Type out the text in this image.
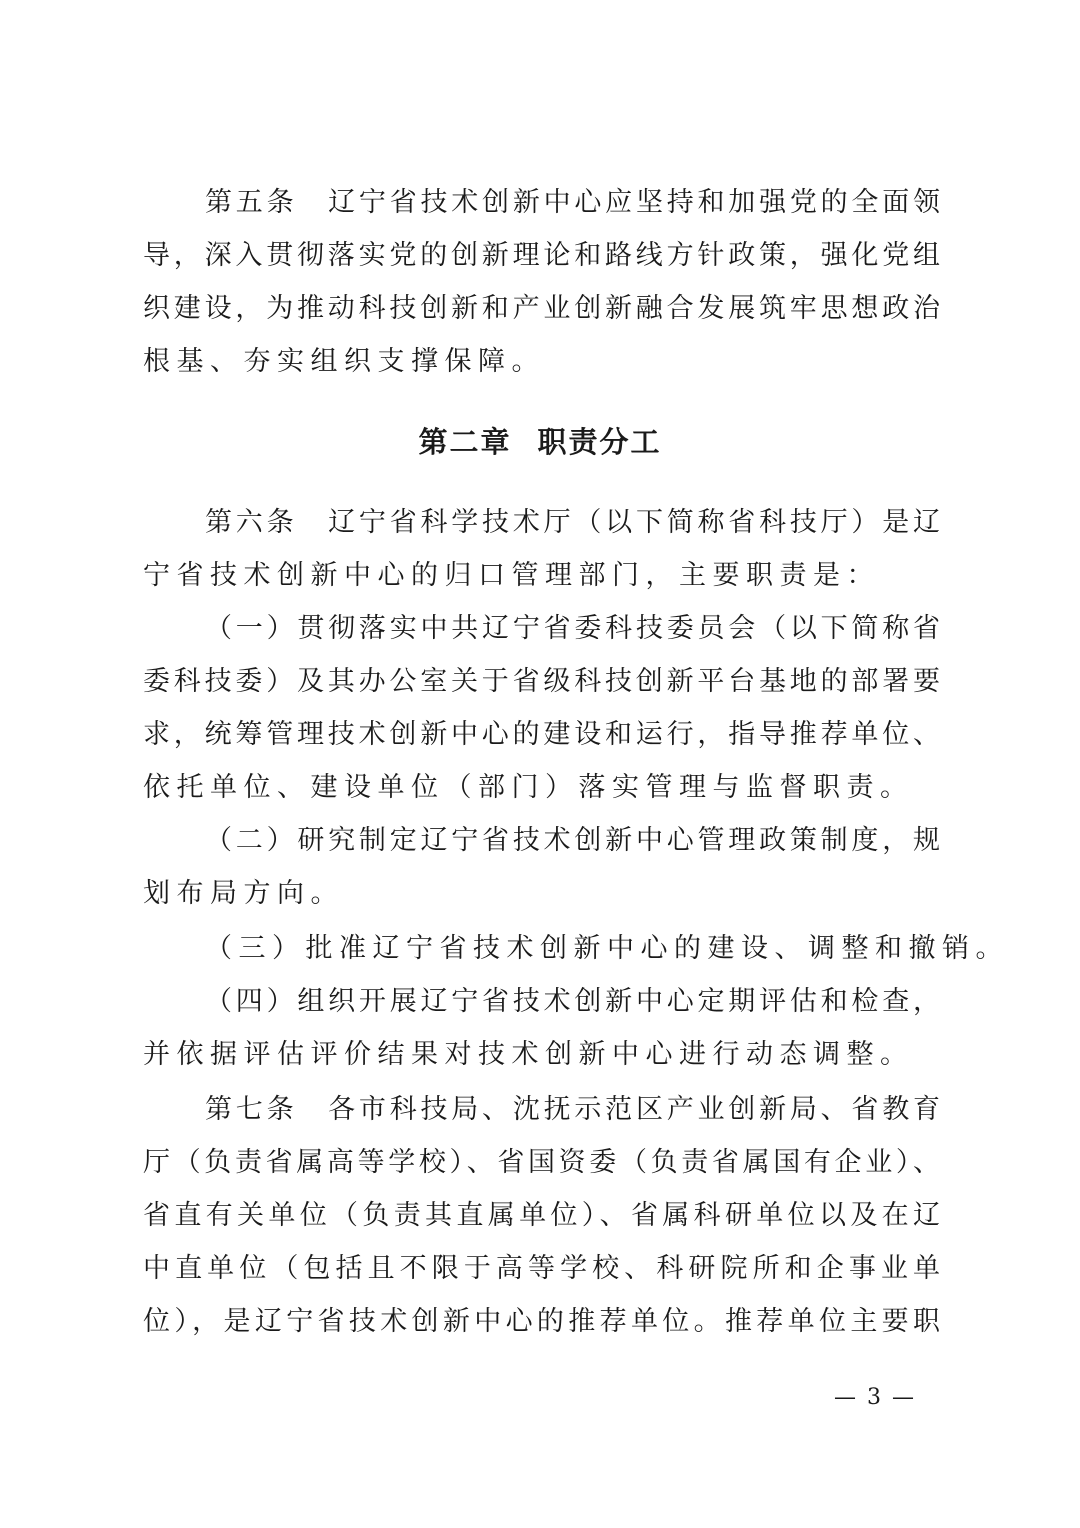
第五条　辽宁省技术创新中心应坚持和加强党的全面领
导，深入贯彻落实党的创新理论和路线方针政策，强化党组
织建设，为推动科技创新和产业创新融合发展筑牢思想政治
根基、夯实组织支撑保障。
第二章 职责分工
第六条　辽宁省科学技术厅（以下简称省科技厅）是辽
宁省技术创新中心的归口管理部门，主要职责是：
（一）贯彻落实中共辽宁省委科技委员会（以下简称省
委科技委）及其办公室关于省级科技创新平台基地的部署要
求，统筹管理技术创新中心的建设和运行，指导推荐单位、
依托单位、建设单位（部门）落实管理与监督职责。
（二）研究制定辽宁省技术创新中心管理政策制度，规
划布局方向。
（三）批准辽宁省技术创新中心的建设、调整和撤销。
（四）组织开展辽宁省技术创新中心定期评估和检查，
并依据评估评价结果对技术创新中心进行动态调整。
第七条　各市科技局、沈抚示范区产业创新局、省教育
厅（负责省属高等学校）、省国资委（负责省属国有企业）、
省直有关单位（负责其直属单位）、省属科研单位以及在辽
中直单位（包括且不限于高等学校、科研院所和企事业单
位），是辽宁省技术创新中心的推荐单位。推荐单位主要职
— 3 —
